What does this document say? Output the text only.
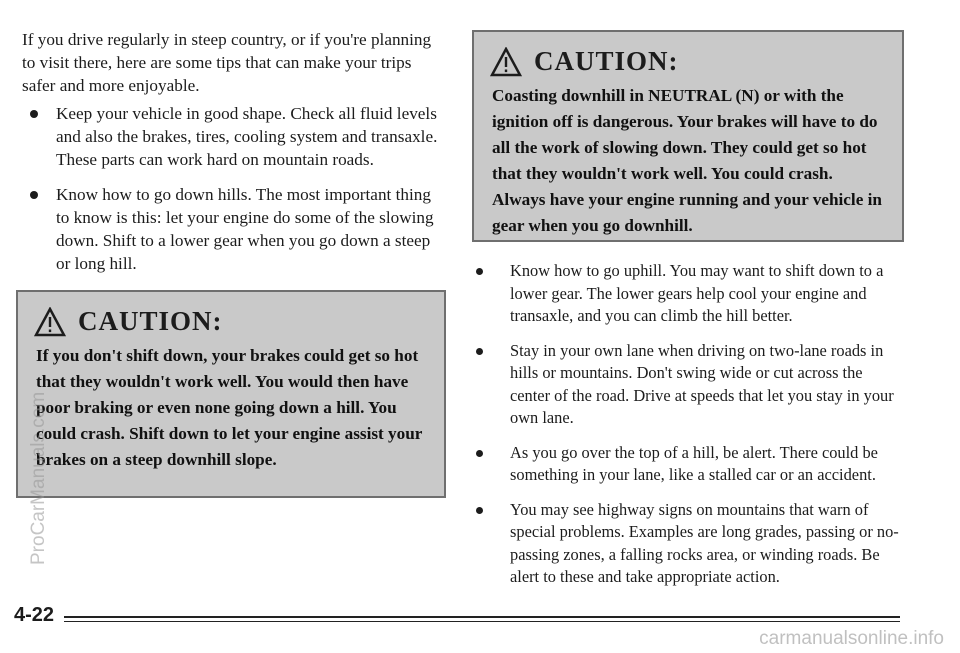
If you drive regularly in steep country, or if you're planning to visit there, here are some tips that can make your trips safer and more enjoyable.

Keep your vehicle in good shape. Check all fluid levels and also the brakes, tires, cooling system and transaxle. These parts can work hard on mountain roads.
Know how to go down hills. The most important thing to know is this: let your engine do some of the slowing down. Shift to a lower gear when you go down a steep or long hill.
CAUTION:
If you don't shift down, your brakes could get so hot that they wouldn't work well. You would then have poor braking or even none going down a hill. You could crash. Shift down to let your engine assist your brakes on a steep downhill slope.
CAUTION:
Coasting downhill in NEUTRAL (N) or with the ignition off is dangerous. Your brakes will have to do all the work of slowing down. They could get so hot that they wouldn't work well. You could crash. Always have your engine running and your vehicle in gear when you go downhill.
Know how to go uphill. You may want to shift down to a lower gear. The lower gears help cool your engine and transaxle, and you can climb the hill better.
Stay in your own lane when driving on two-lane roads in hills or mountains. Don't swing wide or cut across the center of the road. Drive at speeds that let you stay in your own lane.
As you go over the top of a hill, be alert. There could be something in your lane, like a stalled car or an accident.
You may see highway signs on mountains that warn of special problems. Examples are long grades, passing or no-passing zones, a falling rocks area, or winding roads. Be alert to these and take appropriate action.
4-22
ProCarManuals.com
carmanualsonline.info
